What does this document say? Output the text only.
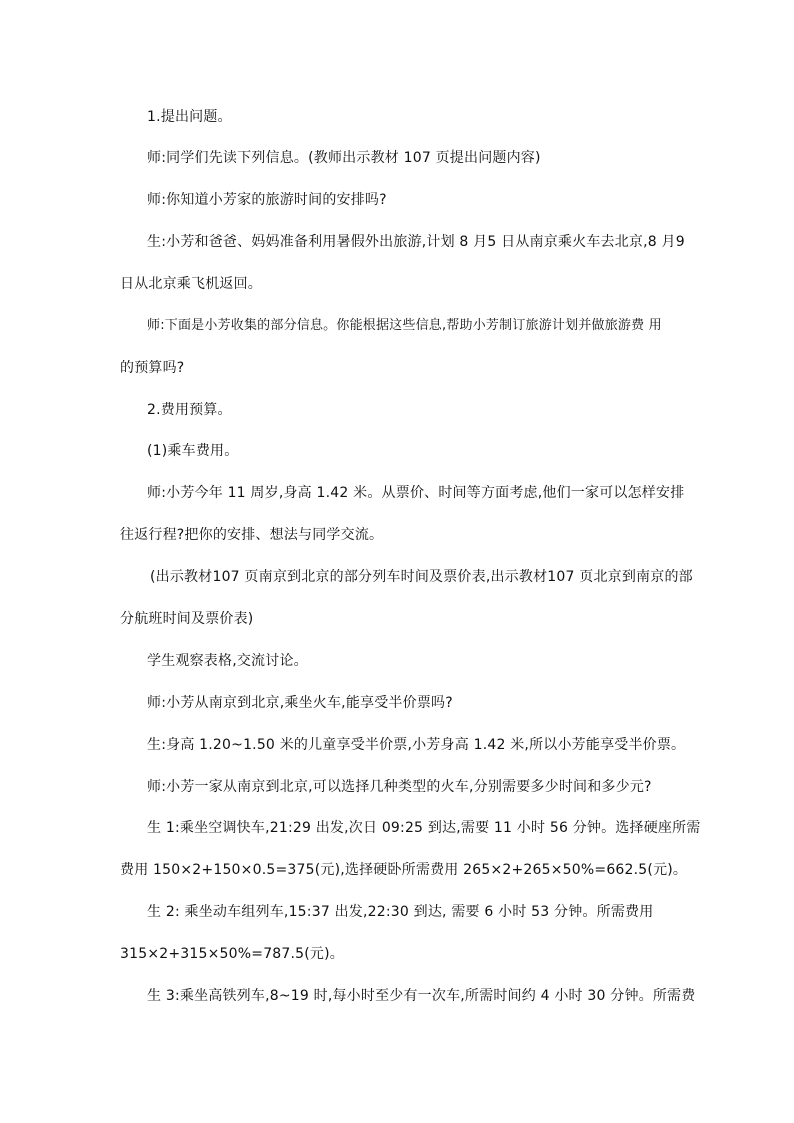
1.提出问题。
师:同学们先读下列信息。(教师出示教材 107 页提出问题内容)
师:你知道小芳家的旅游时间的安排吗?
生:小芳和爸爸、妈妈准备利用暑假外出旅游,计划 8 月5 日从南京乘火车去北京,8 月9
日从北京乘飞机返回。
师:下面是小芳收集的部分信息。你能根据这些信息,帮助小芳制订旅游计划并做旅游费 用
的预算吗?
2.费用预算。
(1)乘车费用。
师:小芳今年 11 周岁,身高 1.42 米。从票价、时间等方面考虑,他们一家可以怎样安排
往返行程?把你的安排、想法与同学交流。
(出示教材107 页南京到北京的部分列车时间及票价表,出示教材107 页北京到南京的部
分航班时间及票价表)
学生观察表格,交流讨论。
师:小芳从南京到北京,乘坐火车,能享受半价票吗?
生:身高 1.20~1.50 米的儿童享受半价票,小芳身高 1.42 米,所以小芳能享受半价票。
师:小芳一家从南京到北京,可以选择几种类型的火车,分别需要多少时间和多少元?
生 1:乘坐空调快车,21:29 出发,次日 09:25 到达,需要 11 小时 56 分钟。选择硬座所需
费用 150×2+150×0.5=375(元),选择硬卧所需费用 265×2+265×50%=662.5(元)。
生 2: 乘坐动车组列车,15:37 出发,22:30 到达, 需要 6 小时 53 分钟。所需费用
315×2+315×50%=787.5(元)。
生 3:乘坐高铁列车,8~19 时,每小时至少有一次车,所需时间约 4 小时 30 分钟。所需费
